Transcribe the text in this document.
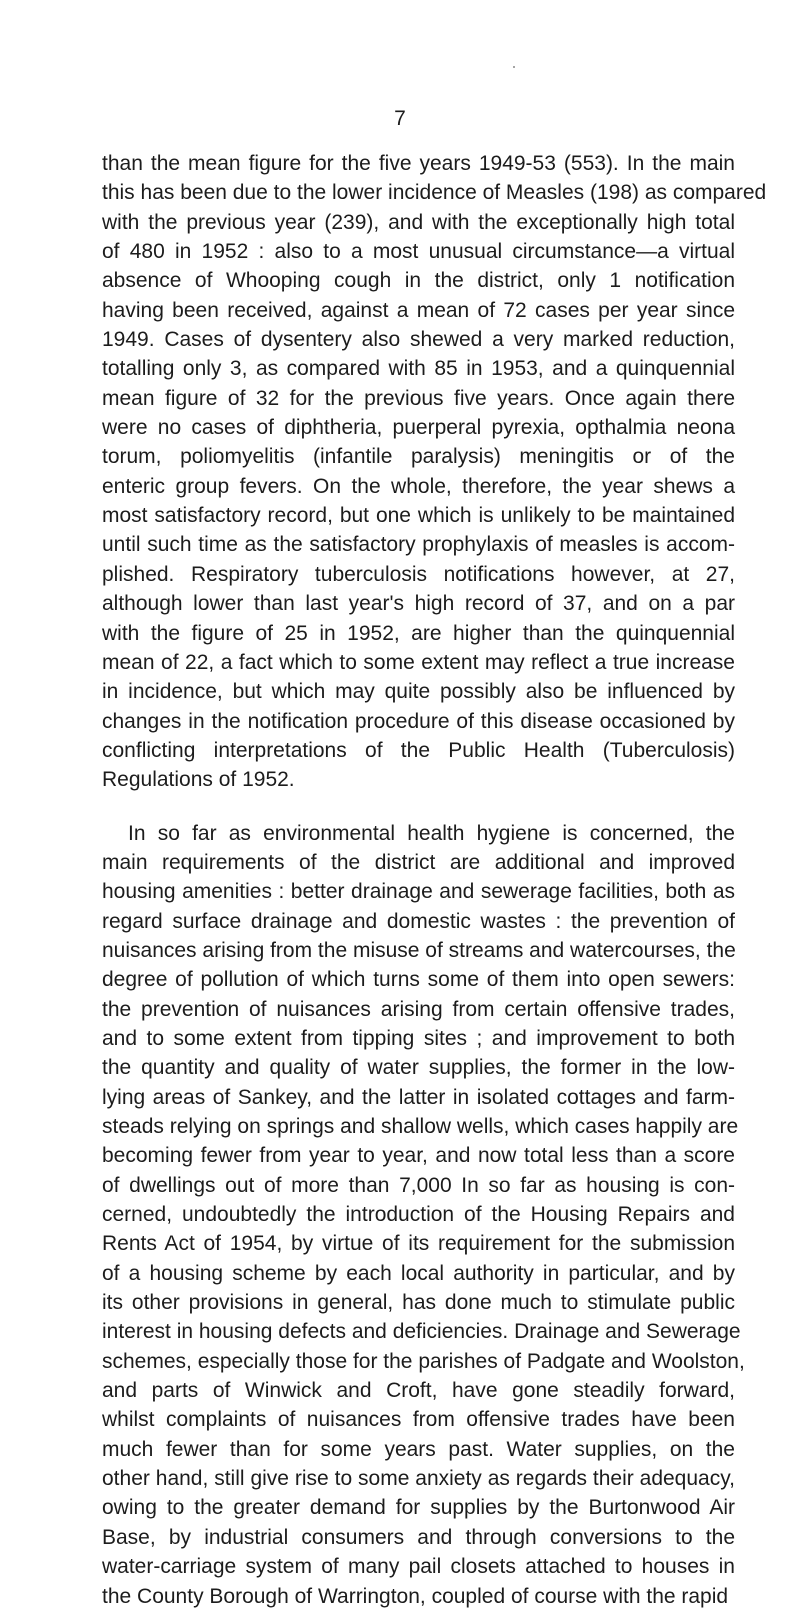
7

than the mean figure for the five years 1949-53 (553). In the main
this has been due to the lower incidence of Measles (198) as compared
with the previous year (239), and with the exceptionally high total
of 480 in 1952 : also to a most unusual circumstance—a virtual
absence of Whooping cough in the district, only 1 notification
having been received, against a mean of 72 cases per year since
1949. Cases of dysentery also shewed a very marked reduction,
totalling only 3, as compared with 85 in 1953, and a quinquennial
mean figure of 32 for the previous five years. Once again there
were no cases of diphtheria, puerperal pyrexia, opthalmia neona
torum, poliomyelitis (infantile paralysis) meningitis or of the
enteric group fevers. On the whole, therefore, the year shews a
most satisfactory record, but one which is unlikely to be maintained
until such time as the satisfactory prophylaxis of measles is accom-
plished. Respiratory tuberculosis notifications however, at 27,
although lower than last year's high record of 37, and on a par
with the figure of 25 in 1952, are higher than the quinquennial
mean of 22, a fact which to some extent may reflect a true increase
in incidence, but which may quite possibly also be influenced by
changes in the notification procedure of this disease occasioned by
conflicting interpretations of the Public Health (Tuberculosis)
Regulations of 1952.

In so far as environmental health hygiene is concerned, the
main requirements of the district are additional and improved
housing amenities : better drainage and sewerage facilities, both as
regard surface drainage and domestic wastes : the prevention of
nuisances arising from the misuse of streams and watercourses, the
degree of pollution of which turns some of them into open sewers:
the prevention of nuisances arising from certain offensive trades,
and to some extent from tipping sites ; and improvement to both
the quantity and quality of water supplies, the former in the low-
lying areas of Sankey, and the latter in isolated cottages and farm-
steads relying on springs and shallow wells, which cases happily are
becoming fewer from year to year, and now total less than a score
of dwellings out of more than 7,000 In so far as housing is con-
cerned, undoubtedly the introduction of the Housing Repairs and
Rents Act of 1954, by virtue of its requirement for the submission
of a housing scheme by each local authority in particular, and by
its other provisions in general, has done much to stimulate public
interest in housing defects and deficiencies. Drainage and Sewerage
schemes, especially those for the parishes of Padgate and Woolston,
and parts of Winwick and Croft, have gone steadily forward,
whilst complaints of nuisances from offensive trades have been
much fewer than for some years past. Water supplies, on the
other hand, still give rise to some anxiety as regards their adequacy,
owing to the greater demand for supplies by the Burtonwood Air
Base, by industrial consumers and through conversions to the
water-carriage system of many pail closets attached to houses in
the County Borough of Warrington, coupled of course with the rapid
